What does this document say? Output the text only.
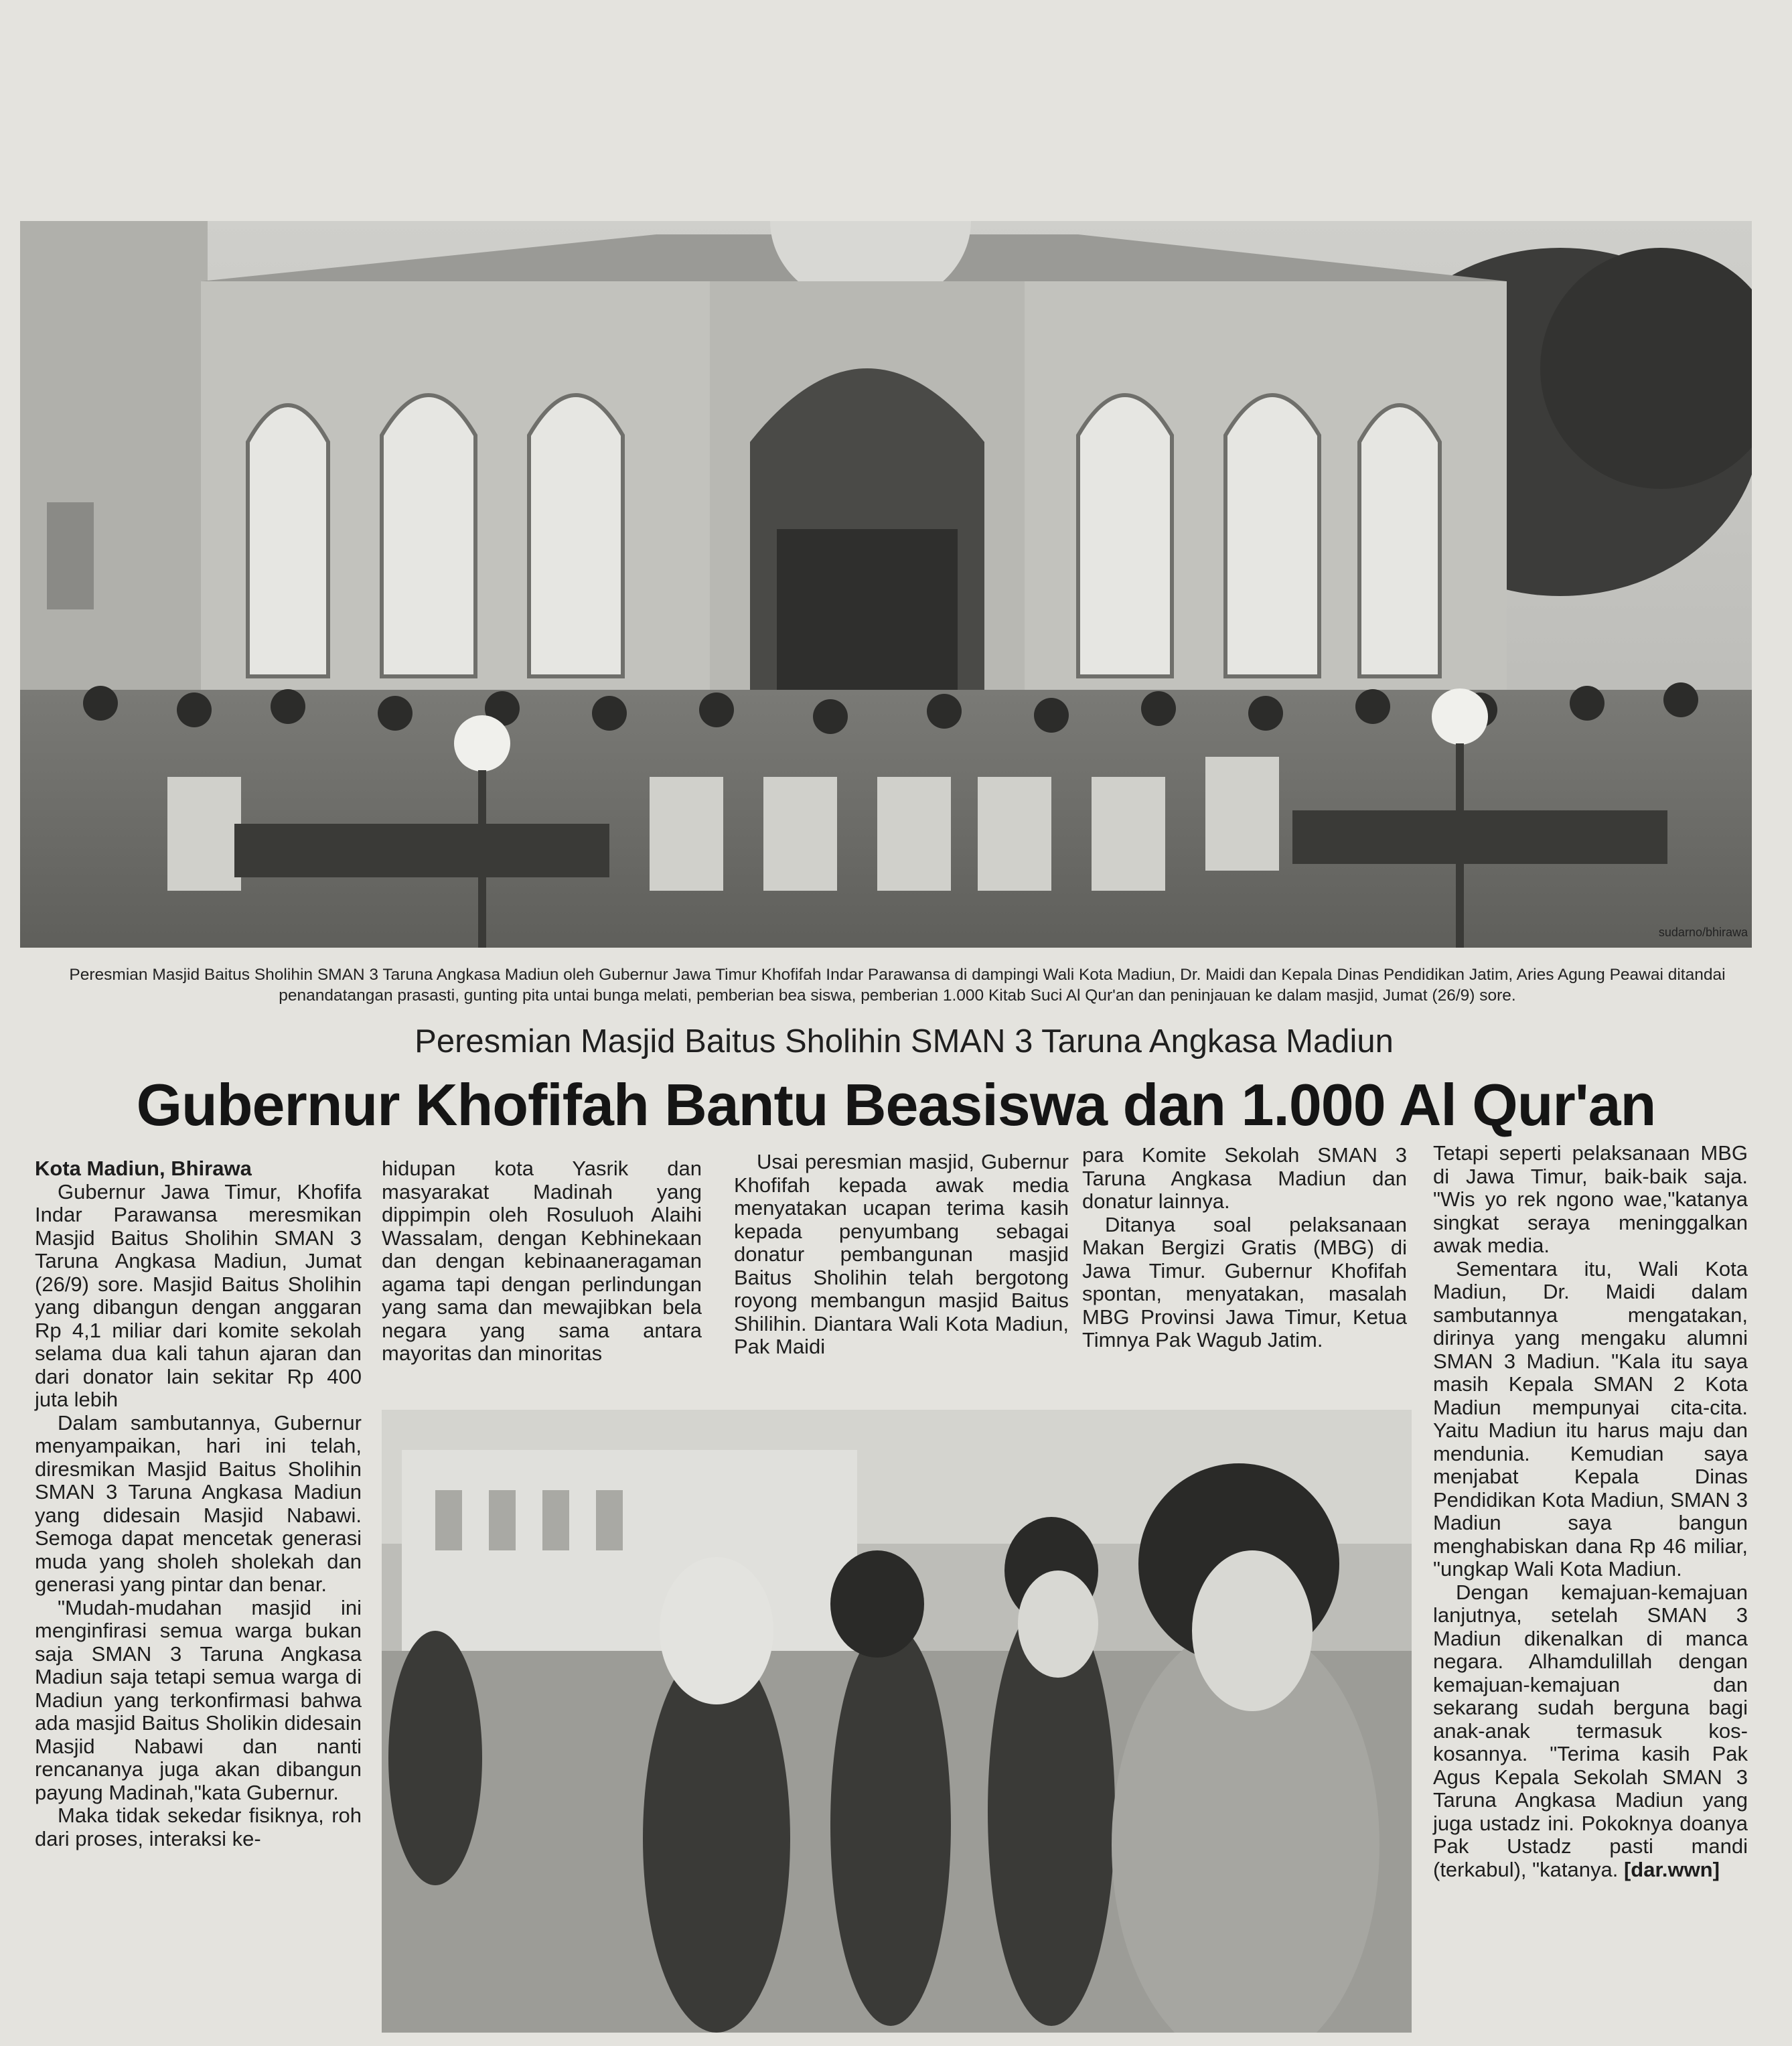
sudarno/bhirawa
Peresmian Masjid Baitus Sholihin SMAN 3 Taruna Angkasa Madiun oleh Gubernur Jawa Timur Khofifah Indar Parawansa di dampingi Wali Kota Madiun, Dr. Maidi dan Kepala Dinas Pendidikan Jatim, Aries Agung Peawai ditandai penandatangan prasasti, gunting pita untai bunga melati, pemberian bea siswa, pemberian 1.000 Kitab Suci Al Qur'an dan peninjauan ke dalam masjid, Jumat (26/9) sore.
Peresmian Masjid Baitus Sholihin SMAN 3 Taruna Angkasa Madiun
Gubernur Khofifah Bantu Beasiswa dan 1.000 Al Qur'an

Kota Madiun, Bhirawa

Gubernur Jawa Timur, Khofifa Indar Parawansa meresmikan Masjid Baitus Sholihin SMAN 3 Taruna Angkasa Madiun, Jumat (26/9) sore. Masjid Baitus Sholihin yang dibangun dengan anggaran Rp 4,1 miliar dari komite sekolah selama dua kali tahun ajaran dan dari donator lain sekitar Rp 400 juta lebih

Dalam sambutannya, Gubernur menyampaikan, hari ini telah, diresmikan Masjid Baitus Sholihin SMAN 3 Taruna Angkasa Madiun yang didesain Masjid Nabawi. Semoga dapat mencetak generasi muda yang sholeh sholekah dan generasi yang pintar dan benar.

"Mudah-mudahan masjid ini menginfirasi semua warga bukan saja SMAN 3 Taruna Angkasa Madiun saja tetapi semua warga di Madiun yang terkonfirmasi bahwa ada masjid Baitus Sholikin didesain Masjid Nabawi dan nanti rencananya juga akan dibangun payung Madinah,"kata Gubernur.

Maka tidak sekedar fisiknya, roh dari proses, interaksi ke-

hidupan kota Yasrik dan masyarakat Madinah yang dippimpin oleh Rosuluoh Alaihi Wassalam, dengan Kebhinekaan dan dengan kebinaaneragaman agama tapi dengan perlindungan yang sama dan mewajibkan bela negara yang sama antara mayoritas dan minoritas

Usai peresmian masjid, Gubernur Khofifah kepada awak media menyatakan ucapan terima kasih kepada penyumbang sebagai donatur pembangunan masjid Baitus Sholihin telah bergotong royong membangun masjid Baitus Shilihin. Diantara Wali Kota Madiun, Pak Maidi

para Komite Sekolah SMAN 3 Taruna Angkasa Madiun dan donatur lainnya.

Ditanya soal pelaksanaan Makan Bergizi Gratis (MBG) di Jawa Timur. Gubernur Khofifah spontan, menyatakan, masalah MBG Provinsi Jawa Timur, Ketua Timnya Pak Wagub Jatim.

Tetapi seperti pelaksanaan MBG di Jawa Timur, baik-baik saja. "Wis yo rek ngono wae,"katanya singkat seraya meninggalkan awak media.

Sementara itu, Wali Kota Madiun, Dr. Maidi dalam sambutannya mengatakan, dirinya yang mengaku alumni SMAN 3 Madiun. "Kala itu saya masih Kepala SMAN 2 Kota Madiun mempunyai cita-cita. Yaitu Madiun itu harus maju dan mendunia. Kemudian saya menjabat Kepala Dinas Pendidikan Kota Madiun, SMAN 3 Madiun saya bangun menghabiskan dana Rp 46 miliar, "ungkap Wali Kota Madiun.

Dengan kemajuan-kemajuan lanjutnya, setelah SMAN 3 Madiun dikenalkan di manca negara. Alhamdulillah dengan kemajuan-kemajuan dan sekarang sudah berguna bagi anak-anak termasuk kos-kosannya. "Terima kasih Pak Agus Kepala Sekolah SMAN 3 Taruna Angkasa Madiun yang juga ustadz ini. Pokoknya doanya Pak Ustadz pasti mandi (terkabul), "katanya. [dar.wwn]
